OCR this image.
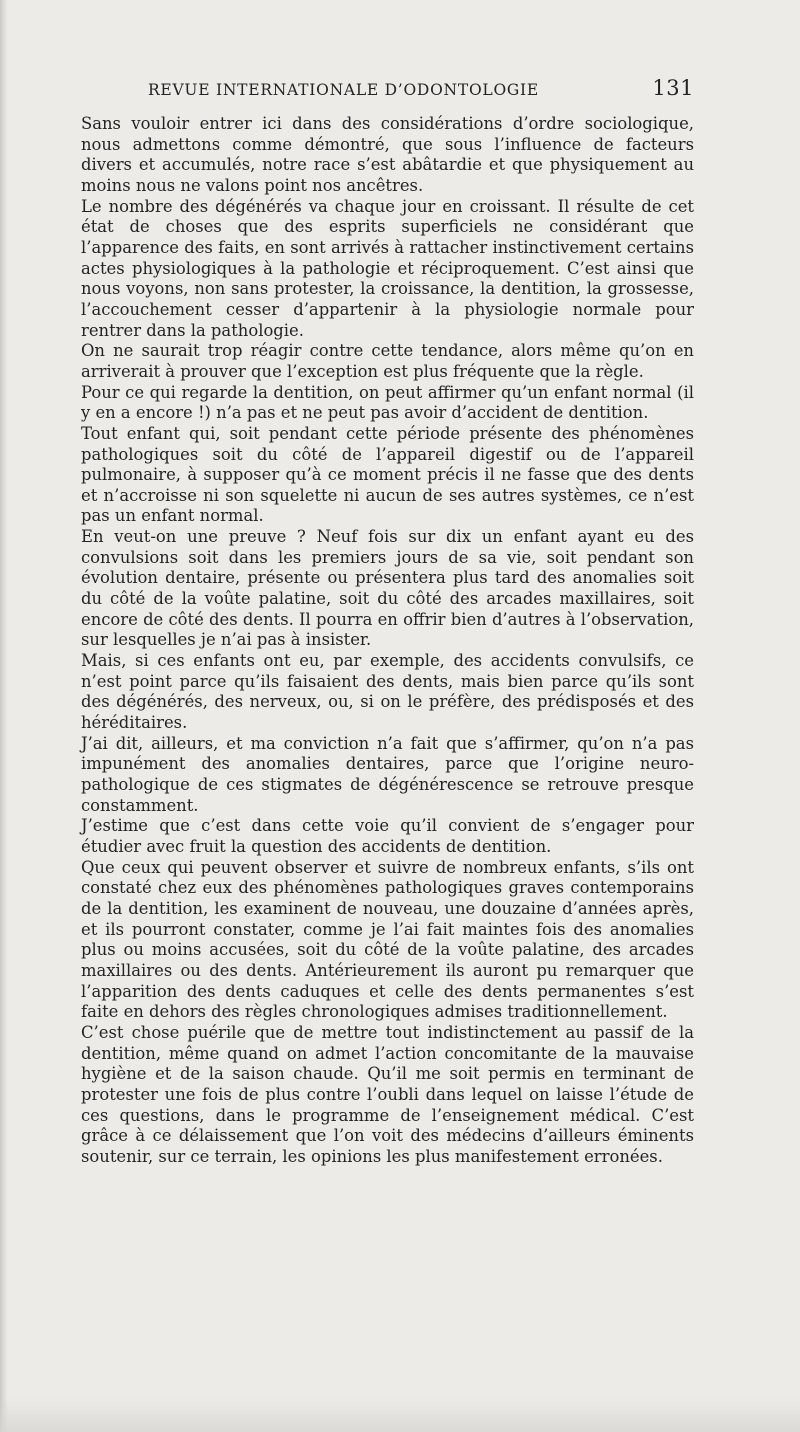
REVUE INTERNATIONALE D’ODONTOLOGIE	131

Sans vouloir entrer ici dans des considérations d’ordre sociologique, nous admettons comme démontré, que sous l’influence de facteurs divers et accumulés, notre race s’est abâtardie et que physiquement au moins nous ne valons point nos ancêtres.

Le nombre des dégénérés va chaque jour en croissant. Il résulte de cet état de choses que des esprits superficiels ne considérant que l’apparence des faits, en sont arrivés à rattacher instinctivement certains actes physiologiques à la pathologie et réciproquement. C’est ainsi que nous voyons, non sans protester, la croissance, la dentition, la grossesse, l’accouchement cesser d’appartenir à la physiologie normale pour rentrer dans la pathologie.

On ne saurait trop réagir contre cette tendance, alors même qu’on en arriverait à prouver que l’exception est plus fréquente que la règle.

Pour ce qui regarde la dentition, on peut affirmer qu’un enfant normal (il y en a encore !) n’a pas et ne peut pas avoir d’accident de dentition.

Tout enfant qui, soit pendant cette période présente des phénomènes pathologiques soit du côté de l’appareil digestif ou de l’appareil pulmonaire, à supposer qu’à ce moment précis il ne fasse que des dents et n’accroisse ni son squelette ni aucun de ses autres systèmes, ce n’est pas un enfant normal.

En veut-on une preuve ? Neuf fois sur dix un enfant ayant eu des convulsions soit dans les premiers jours de sa vie, soit pendant son évolution dentaire, présente ou présentera plus tard des anomalies soit du côté de la voûte palatine, soit du côté des arcades maxillaires, soit encore de côté des dents. Il pourra en offrir bien d’autres à l’observation, sur lesquelles je n’ai pas à insister.

Mais, si ces enfants ont eu, par exemple, des accidents convulsifs, ce n’est point parce qu’ils faisaient des dents, mais bien parce qu’ils sont des dégénérés, des nerveux, ou, si on le préfère, des prédisposés et des héréditaires.

J’ai dit, ailleurs, et ma conviction n’a fait que s’affirmer, qu’on n’a pas impunément des anomalies dentaires, parce que l’origine neuro-pathologique de ces stigmates de dégénérescence se retrouve presque constamment.

J’estime que c’est dans cette voie qu’il convient de s’engager pour étudier avec fruit la question des accidents de dentition.

Que ceux qui peuvent observer et suivre de nombreux enfants, s’ils ont constaté chez eux des phénomènes pathologiques graves contemporains de la dentition, les examinent de nouveau, une douzaine d’années après, et ils pourront constater, comme je l’ai fait maintes fois des anomalies plus ou moins accusées, soit du côté de la voûte palatine, des arcades maxillaires ou des dents. Antérieurement ils auront pu remarquer que l’apparition des dents caduques et celle des dents permanentes s’est faite en dehors des règles chronologiques admises traditionnellement.

C’est chose puérile que de mettre tout indistinctement au passif de la dentition, même quand on admet l’action concomitante de la mauvaise hygiène et de la saison chaude. Qu’il me soit permis en terminant de protester une fois de plus contre l’oubli dans lequel on laisse l’étude de ces questions, dans le programme de l’enseignement médical. C’est grâce à ce délaissement que l’on voit des médecins d’ailleurs éminents soutenir, sur ce terrain, les opinions les plus manifestement erronées.
